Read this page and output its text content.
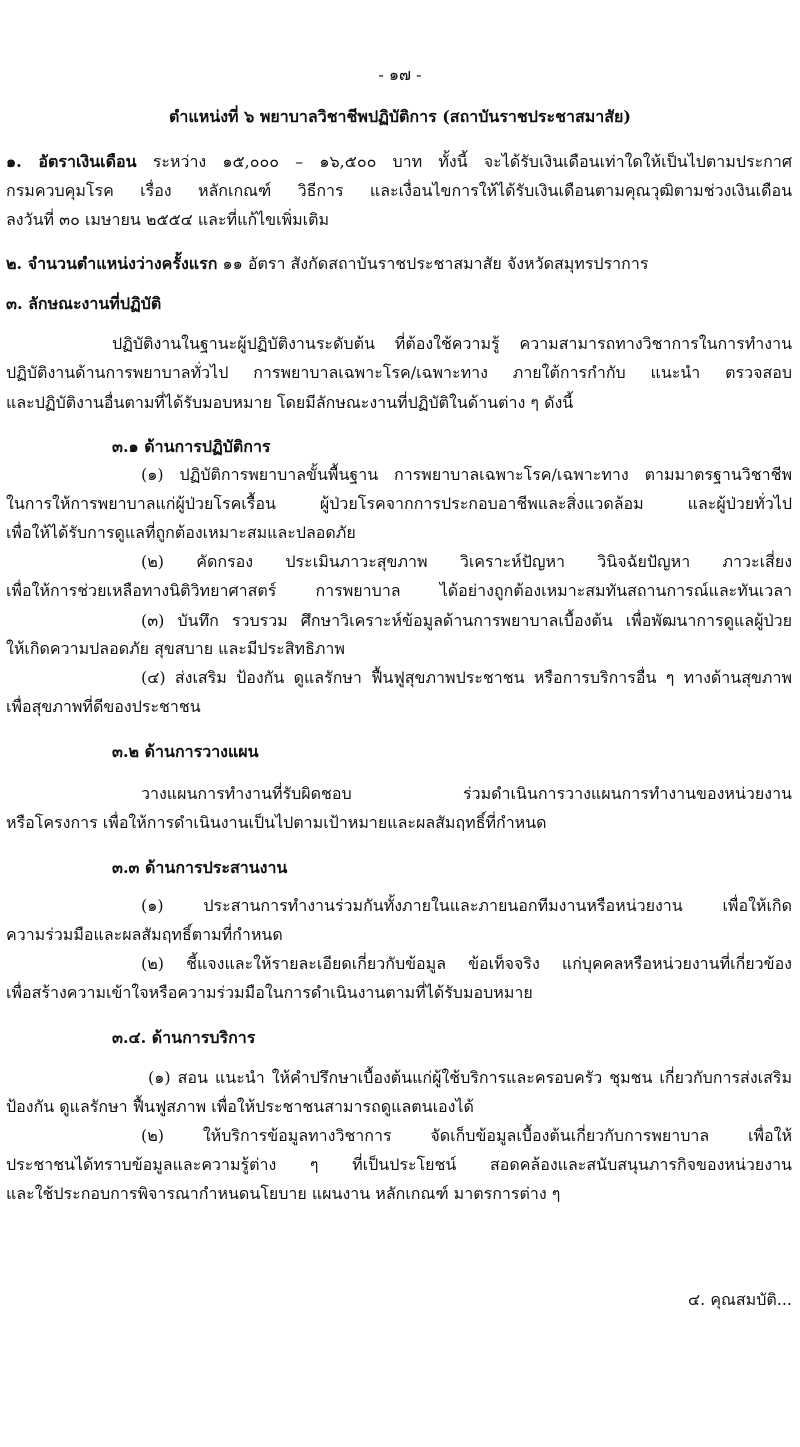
- ๑๗ -

ตำแหน่งที่ ๖ พยาบาลวิชาชีพปฏิบัติการ (สถาบันราชประชาสมาสัย)

๑. อัตราเงินเดือน ระหว่าง ๑๕,๐๐๐ – ๑๖,๕๐๐ บาท ทั้งนี้ จะได้รับเงินเดือนเท่าใดให้เป็นไปตามประกาศ

กรมควบคุมโรค เรื่อง หลักเกณฑ์ วิธีการ และเงื่อนไขการให้ได้รับเงินเดือนตามคุณวุฒิตามช่วงเงินเดือน

ลงวันที่ ๓๐ เมษายน ๒๕๕๔ และที่แก้ไขเพิ่มเติม

๒. จำนวนตำแหน่งว่างครั้งแรก ๑๑ อัตรา สังกัดสถาบันราชประชาสมาสัย จังหวัดสมุทรปราการ

๓. ลักษณะงานที่ปฏิบัติ

ปฏิบัติงานในฐานะผู้ปฏิบัติงานระดับต้น ที่ต้องใช้ความรู้ ความสามารถทางวิชาการในการทำงาน

ปฏิบัติงานด้านการพยาบาลทั่วไป การพยาบาลเฉพาะโรค/เฉพาะทาง ภายใต้การกำกับ แนะนำ ตรวจสอบ

และปฏิบัติงานอื่นตามที่ได้รับมอบหมาย โดยมีลักษณะงานที่ปฏิบัติในด้านต่าง ๆ ดังนี้

๓.๑ ด้านการปฏิบัติการ

(๑) ปฏิบัติการพยาบาลขั้นพื้นฐาน การพยาบาลเฉพาะโรค/เฉพาะทาง ตามมาตรฐานวิชาชีพ

ในการให้การพยาบาลแก่ผู้ป่วยโรคเรื้อน ผู้ป่วยโรคจากการประกอบอาชีพและสิ่งแวดล้อม และผู้ป่วยทั่วไป

เพื่อให้ได้รับการดูแลที่ถูกต้องเหมาะสมและปลอดภัย

(๒) คัดกรอง ประเมินภาวะสุขภาพ วิเคราะห์ปัญหา วินิจฉัยปัญหา ภาวะเสี่ยง

เพื่อให้การช่วยเหลือทางนิติวิทยาศาสตร์ การพยาบาล ได้อย่างถูกต้องเหมาะสมทันสถานการณ์และทันเวลา

(๓) บันทึก รวบรวม ศึกษาวิเคราะห์ข้อมูลด้านการพยาบาลเบื้องต้น เพื่อพัฒนาการดูแลผู้ป่วย

ให้เกิดความปลอดภัย สุขสบาย และมีประสิทธิภาพ

(๔) ส่งเสริม ป้องกัน ดูแลรักษา ฟื้นฟูสุขภาพประชาชน หรือการบริการอื่น ๆ ทางด้านสุขภาพ

เพื่อสุขภาพที่ดีของประชาชน

๓.๒ ด้านการวางแผน

วางแผนการทำงานที่รับผิดชอบ ร่วมดำเนินการวางแผนการทำงานของหน่วยงาน

หรือโครงการ เพื่อให้การดำเนินงานเป็นไปตามเป้าหมายและผลสัมฤทธิ์ที่กำหนด

๓.๓ ด้านการประสานงาน

(๑) ประสานการทำงานร่วมกันทั้งภายในและภายนอกทีมงานหรือหน่วยงาน เพื่อให้เกิด

ความร่วมมือและผลสัมฤทธิ์ตามที่กำหนด

(๒) ชี้แจงและให้รายละเอียดเกี่ยวกับข้อมูล ข้อเท็จจริง แก่บุคคลหรือหน่วยงานที่เกี่ยวข้อง

เพื่อสร้างความเข้าใจหรือความร่วมมือในการดำเนินงานตามที่ได้รับมอบหมาย

๓.๔. ด้านการบริการ

(๑) สอน แนะนำ ให้คำปรึกษาเบื้องต้นแก่ผู้ใช้บริการและครอบครัว ชุมชน เกี่ยวกับการส่งเสริม

ป้องกัน ดูแลรักษา ฟื้นฟูสภาพ เพื่อให้ประชาชนสามารถดูแลตนเองได้

(๒) ให้บริการข้อมูลทางวิชาการ จัดเก็บข้อมูลเบื้องต้นเกี่ยวกับการพยาบาล เพื่อให้

ประชาชนได้ทราบข้อมูลและความรู้ต่าง ๆ ที่เป็นประโยชน์ สอดคล้องและสนับสนุนภารกิจของหน่วยงาน

และใช้ประกอบการพิจารณากำหนดนโยบาย แผนงาน หลักเกณฑ์ มาตรการต่าง ๆ

๔. คุณสมบัติ...
